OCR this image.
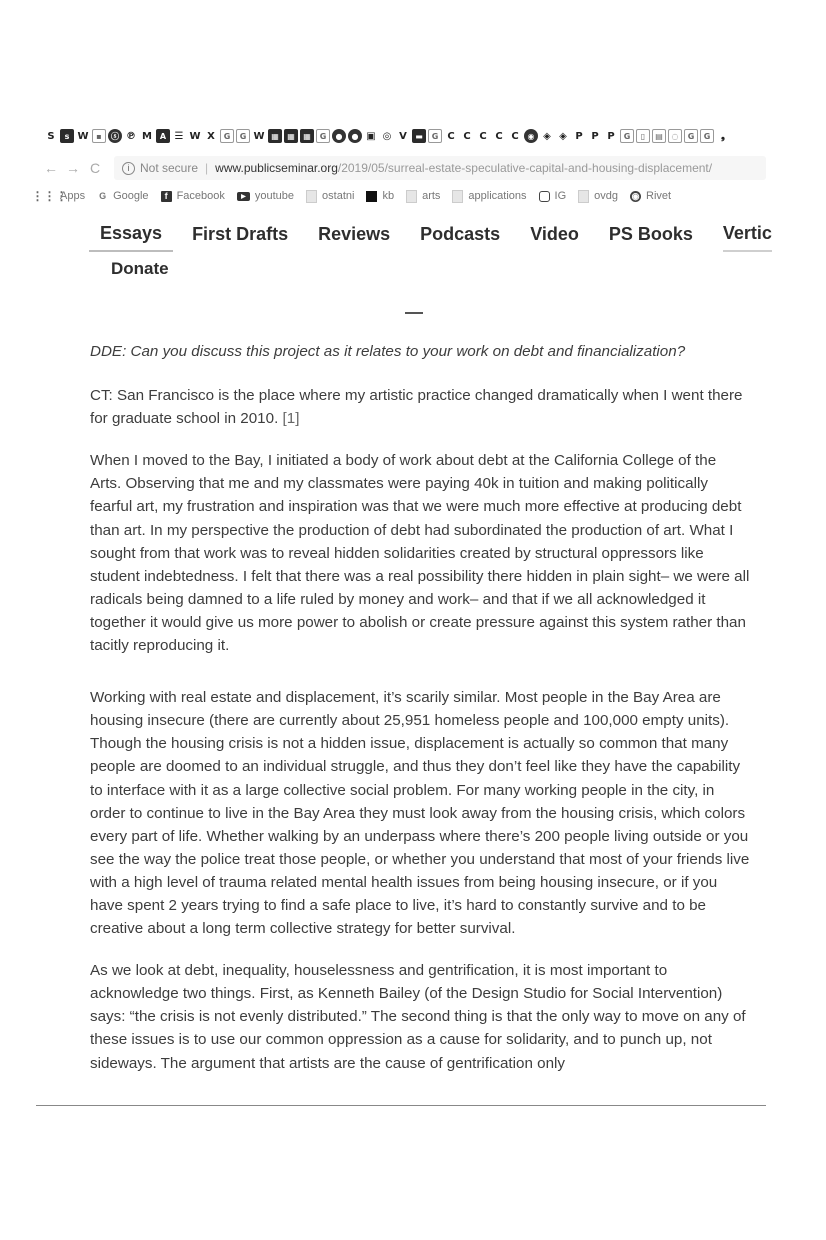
S	s W ▪	ⓢ ℗ M A ☰ W X	G	G W ▦	▦	▦	G	●	● ▣ ◎ V	▬	G C C C C C	◉ ◈ ◈ P P P	G	▯	▤	◌	G	G	❟
← → C	i Not secure | www.publicseminar.org /2019/05/surreal-estate-speculative-capital-and-housing-displacement/
⋮⋮⋮
Apps G Google	f Facebook	▶ youtube	ostatni	kb	arts	applications	IG	ovdg ◉ Rivet
Essays	First Drafts Reviews Podcasts Video PS Books Vertic
Donate

DDE: Can you discuss this project as it relates to your work on debt and financialization?

CT: San Francisco is the place where my artistic practice changed dramatically when I went there for graduate school in 2010. [1]

When I moved to the Bay, I initiated a body of work about debt at the California College of the Arts. Observing that me and my classmates were paying 40k in tuition and making politically fearful art, my frustration and inspiration was that we were much more effective at producing debt than art. In my perspective the production of debt had subordinated the production of art. What I sought from that work was to reveal hidden solidarities created by structural oppressors like student indebtedness. I felt that there was a real possibility there hidden in plain sight– we were all radicals being damned to a life ruled by money and work– and that if we all acknowledged it together it would give us more power to abolish or create pressure against this system rather than tacitly reproducing it.

Working with real estate and displacement, it’s scarily similar. Most people in the Bay Area are housing insecure (there are currently about 25,951 homeless people and 100,000 empty units). Though the housing crisis is not a hidden issue, displacement is actually so common that many people are doomed to an individual struggle, and thus they don’t feel like they have the capability to interface with it as a large collective social problem. For many working people in the city, in order to continue to live in the Bay Area they must look away from the housing crisis, which colors every part of life. Whether walking by an underpass where there’s 200 people living outside or you see the way the police treat those people, or whether you understand that most of your friends live with a high level of trauma related mental health issues from being housing insecure, or if you have spent 2 years trying to find a safe place to live, it’s hard to constantly survive and to be creative about a long term collective strategy for better survival.

As we look at debt, inequality, houselessness and gentrification, it is most important to acknowledge two things. First, as Kenneth Bailey (of the Design Studio for Social Intervention) says: “the crisis is not evenly distributed.” The second thing is that the only way to move on any of these issues is to use our common oppression as a cause for solidarity, and to punch up, not sideways. The argument that artists are the cause of gentrification only
